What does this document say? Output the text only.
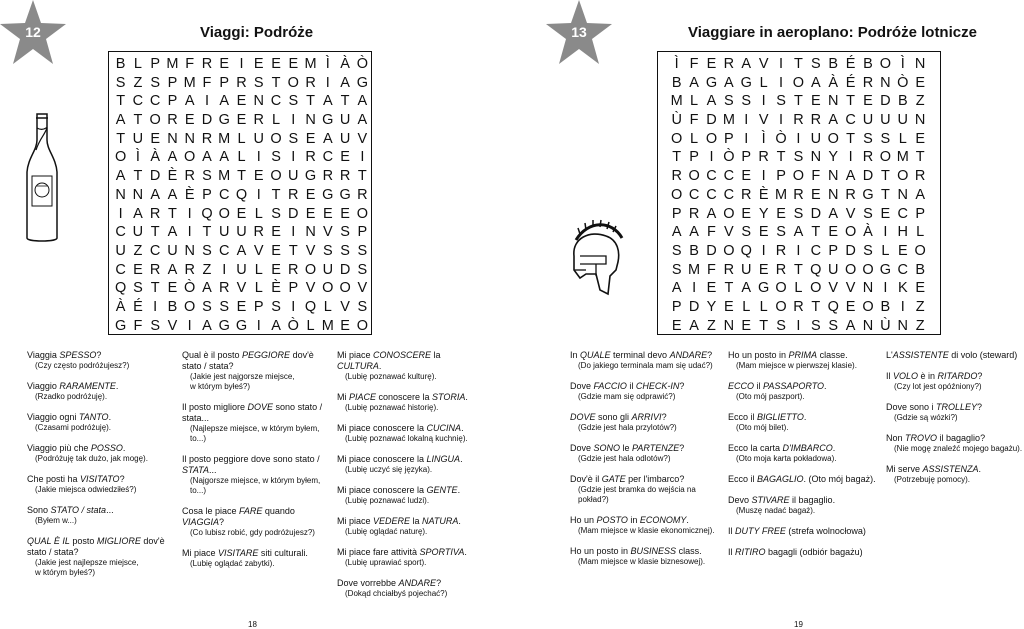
12	Viaggi: Podróże
B L P M F R E I E E E M Ì À Ò
S Z S P M F P R S T O R I A G
T C C P A I A E N C S T A T A
A T O R E D G E R L I N G U A
T U E N N R M L U O S E A U V
O Ì À A O A A L I S I R C E I
A T D È R S M T E O U G R R T
N N A A È P C Q I T R E G G R
I A R T I Q O E L S D E E E O
C U T A I T U U R E I N V S P
U Z C U N S C A V E T V S S S
C E R A R Z I U L E R O U D S
Q S T E Ò A R V L È P V O O V
À É I B O S S E P S I Q L V S
G F S V I A G G I A Ò L M E O
Viaggia SPESSO?
(Czy często podróżujesz?)
Viaggio RARAMENTE.
(Rzadko podróżuję).
Viaggio ogni TANTO.
(Czasami podróżuję).
Viaggio più che POSSO.
(Podróżuję tak dużo, jak mogę).
Che posti ha VISITATO?
(Jakie miejsca odwiedziłeś?)
Sono STATO / stata...
(Byłem w...)
QUAL È IL posto MIGLIORE dov'è stato / stata?
(Jakie jest najlepsze miejsce,
w którym byłeś?)
Qual è il posto PEGGIORE dov'è stato / stata?
(Jakie jest najgorsze miejsce,
w którym byłeś?)
Il posto migliore DOVE sono stato / stata...
(Najlepsze miejsce, w którym byłem,
to...)
Il posto peggiore dove sono stato / STATA...
(Najgorsze miejsce, w którym byłem,
to...)
Cosa le piace FARE quando VIAGGIA?
(Co lubisz robić, gdy podróżujesz?)
Mi piace VISITARE siti culturali.
(Lubię oglądać zabytki).
Mi piace CONOSCERE la CULTURA.
(Lubię poznawać kulturę).
Mi PIACE conoscere la STORIA.
(Lubię poznawać historię).
Mi piace conoscere la CUCINA.
(Lubię poznawać lokalną kuchnię).
Mi piace conoscere la LINGUA.
(Lubię uczyć się języka).
Mi piace conoscere la GENTE.
(Lubię poznawać ludzi).
Mi piace VEDERE la NATURA.
(Lubię oglądać naturę).
Mi piace fare attività SPORTIVA.
(Lubię uprawiać sport).
Dove vorrebbe ANDARE?
(Dokąd chciałbyś pojechać?)
18
13	Viaggiare in aeroplano: Podróże lotnicze
Ì F E R A V I T S B É B O Ì N
B A G A G L I O A À É R N Ò E
M L A S S I S T E N T E D B Z
Ù F D M I V I R R A C U U U N
O L O P I Ì Ò I U O T S S L E
T P I Ò P R T S N Y I R O M T
R O C C E I P O F N A D T O R
O C C C R È M R E N R G T N A
P R A O E Y E S D A V S E C P
A A F V S E S A T E O À I H L
S B D O Q I R I C P D S L E O
S M F R U E R T Q U O O G C B
A I E T A G O L O V V N I K E
P D Y E L L O R T Q E O B I Z
E A Z N E T S I S S A N Ù N Z
In QUALE terminal devo ANDARE?
(Do jakiego terminala mam się udać?)
Dove FACCIO il CHECK-IN?
(Gdzie mam się odprawić?)
DOVE sono gli ARRIVI?
(Gdzie jest hala przylotów?)
Dove SONO le PARTENZE?
(Gdzie jest hala odlotów?)
Dov'è il GATE per l'imbarco?
(Gdzie jest bramka do wejścia na
pokład?)
Ho un POSTO in ECONOMY.
(Mam miejsce w klasie ekonomicznej).
Ho un posto in BUSINESS class.
(Mam miejsce w klasie biznesowej).
Ho un posto in PRIMA classe.
(Mam miejsce w pierwszej klasie).
ECCO il PASSAPORTO.
(Oto mój paszport).
Ecco il BIGLIETTO.
(Oto mój bilet).
Ecco la carta D'IMBARCO.
(Oto moja karta pokładowa).
Ecco il BAGAGLIO. (Oto mój bagaż).
Devo STIVARE il bagaglio.
(Muszę nadać bagaż).
Il DUTY FREE (strefa wolnocłowa)
Il RITIRO bagagli (odbiór bagażu)
L'ASSISTENTE di volo (steward)
Il VOLO è in RITARDO?
(Czy lot jest opóźniony?)
Dove sono i TROLLEY?
(Gdzie są wózki?)
Non TROVO il bagaglio?
(Nie mogę znaleźć mojego bagażu).
Mi serve ASSISTENZA.
(Potrzebuję pomocy).
19
